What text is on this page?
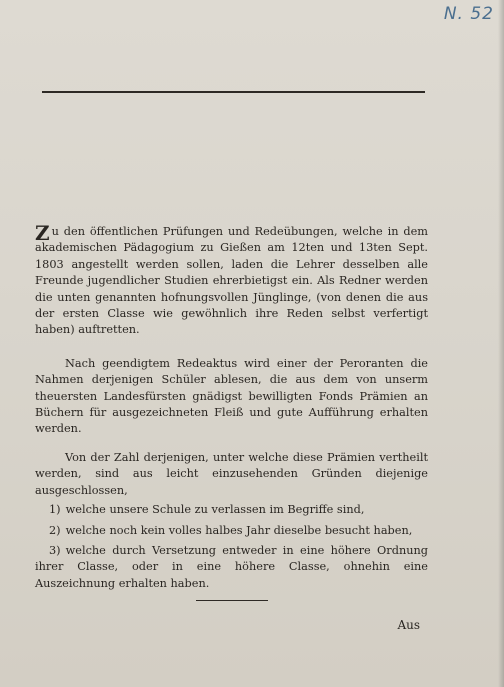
N. 52

Zu den öffentlichen Prüfungen und Redeübungen, welche in dem akademischen Pädagogium zu Gießen am 12ten und 13ten Sept. 1803 angestellt werden sollen, laden die Lehrer desselben alle Freunde jugendlicher Studien ehrerbietigst ein. Als Redner werden die unten genannten hofnungsvollen Jünglinge, (von denen die aus der ersten Classe wie gewöhnlich ihre Reden selbst verfertigt haben) auftretten.

Nach geendigtem Redeaktus wird einer der Peroranten die Nahmen derjenigen Schüler ablesen, die aus dem von unserm theuersten Landesfürsten gnädigst bewilligten Fonds Prämien an Büchern für ausgezeichneten Fleiß und gute Aufführung erhalten werden.

Von der Zahl derjenigen, unter welche diese Prämien vertheilt werden, sind aus leicht einzusehenden Gründen diejenige ausgeschlossen,

1) welche unsere Schule zu verlassen im Begriffe sind,
2) welche noch kein volles halbes Jahr dieselbe besucht haben,
3) welche durch Versetzung entweder in eine höhere Ordnung ihrer Classe, oder in eine höhere Classe, ohnehin eine Auszeichnung erhalten haben.
Aus
